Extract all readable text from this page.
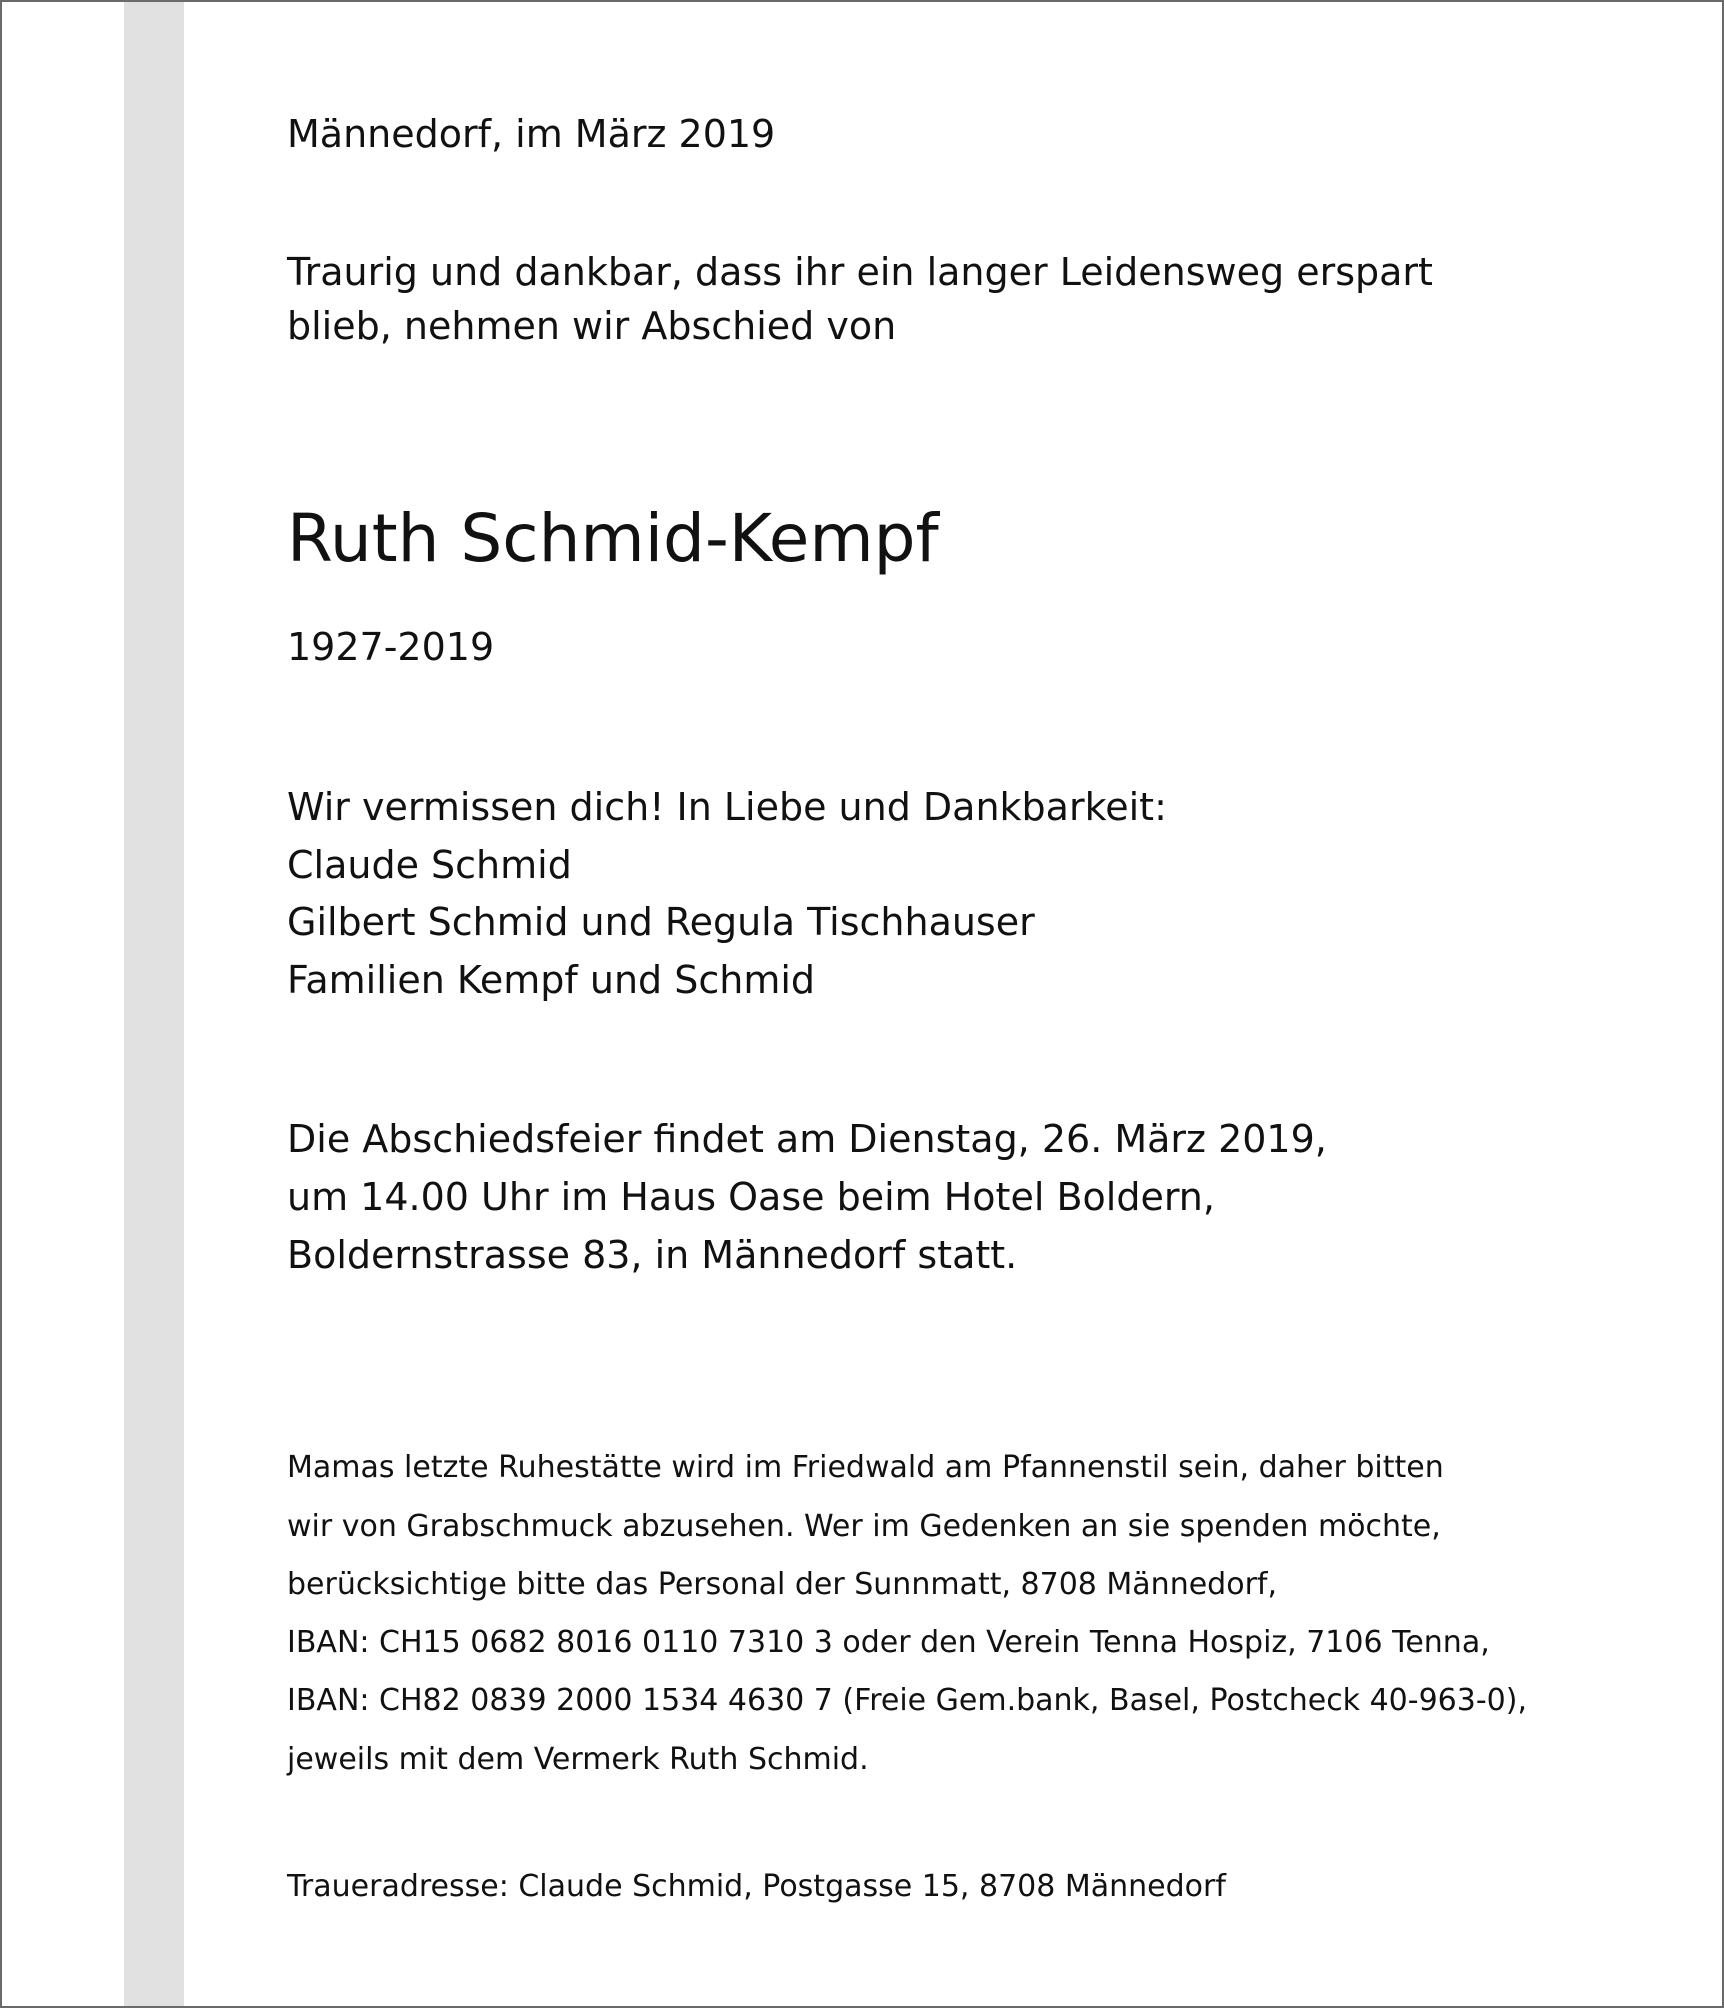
Männedorf, im März 2019
Traurig und dankbar, dass ihr ein langer Leidensweg erspart
blieb, nehmen wir Abschied von
Ruth Schmid-Kempf
1927-2019
Wir vermissen dich! In Liebe und Dankbarkeit:
Claude Schmid
Gilbert Schmid und Regula Tischhauser
Familien Kempf und Schmid
Die Abschiedsfeier findet am Dienstag, 26. März 2019,
um 14.00 Uhr im Haus Oase beim Hotel Boldern,
Boldernstrasse 83, in Männedorf statt.
Mamas letzte Ruhestätte wird im Friedwald am Pfannenstil sein, daher bitten
wir von Grabschmuck abzusehen. Wer im Gedenken an sie spenden möchte,
berücksichtige bitte das Personal der Sunnmatt, 8708 Männedorf,
IBAN: CH15 0682 8016 0110 7310 3 oder den Verein Tenna Hospiz, 7106 Tenna,
IBAN: CH82 0839 2000 1534 4630 7 (Freie Gem.bank, Basel, Postcheck 40-963-0),
jeweils mit dem Vermerk Ruth Schmid.
Traueradresse: Claude Schmid, Postgasse 15, 8708 Männedorf
